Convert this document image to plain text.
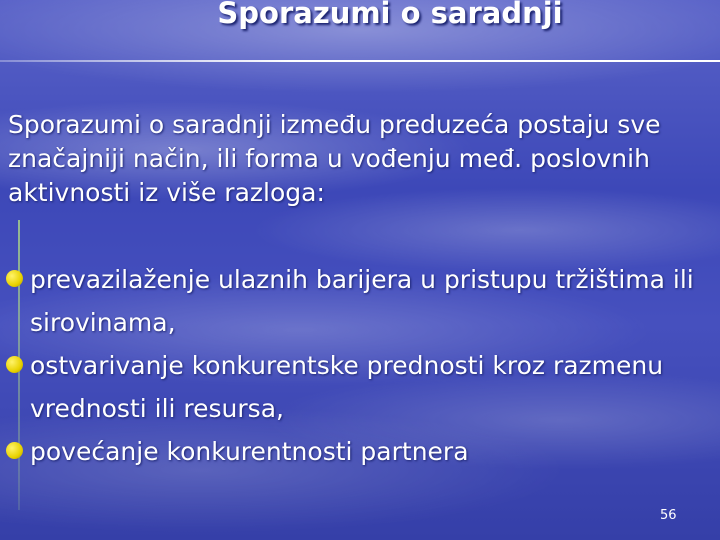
Sporazumi o saradnji
Sporazumi o saradnji između preduzeća postaju sve značajniji način, ili forma u vođenju međ. poslovnih aktivnosti iz više razloga:
prevazilaženje ulaznih barijera u pristupu tržištima ili sirovinama,
ostvarivanje konkurentske prednosti kroz razmenu vrednosti ili resursa,
povećanje konkurentnosti partnera
56
